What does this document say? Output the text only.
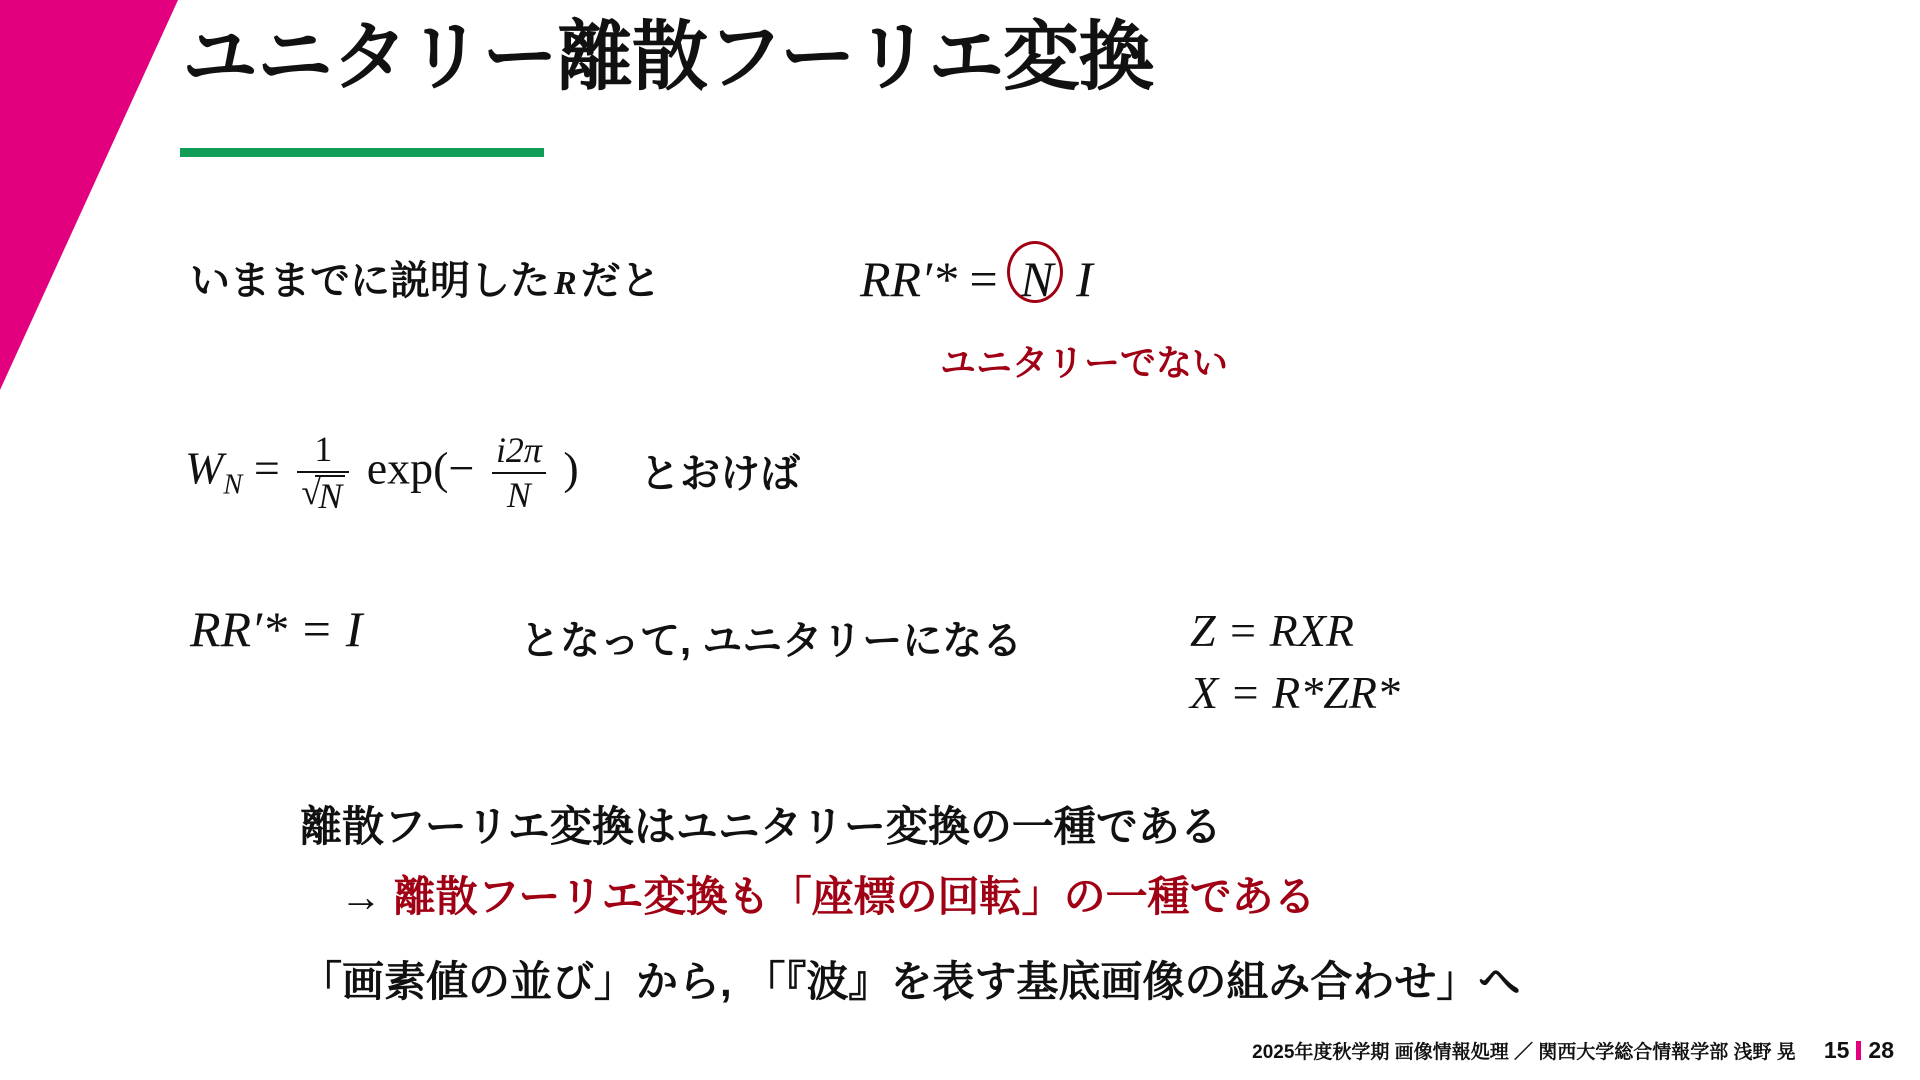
ユニタリー離散フーリエ変換
いままでに説明した R だと	RR′* = N I
ユニタリーでない
$W_N = 1$
√ N $\exp(- \frac{i2\pi}{N}$ ) とおけば
RR′* = I	となって, ユニタリーになる	Z = RXR
X = R*ZR*
離散フーリエ変換はユニタリー変換の一種である
→ 離散フーリエ変換も「座標の回転」の一種である
「画素値の並び」から, 「『波』を表す基底画像の組み合わせ」へ
2025年度秋学期 画像情報処理 ／ 関西大学総合情報学部 浅野 晃 15 28
